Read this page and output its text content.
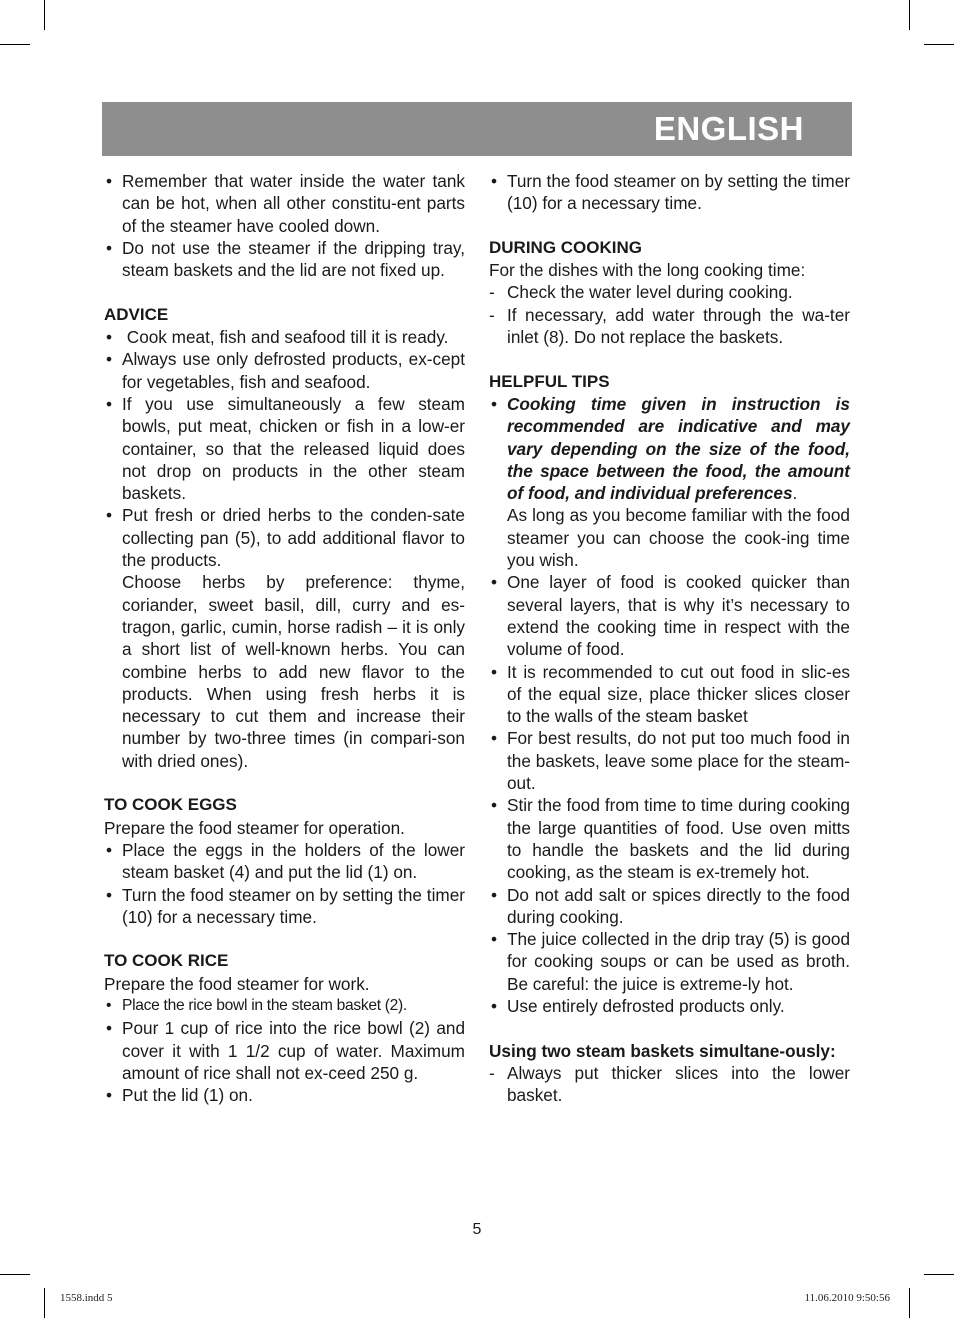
ENGLISH

• Remember that water inside the water tank can be hot, when all other constitu-ent parts of the steamer have cooled down.

• Do not use the steamer if the dripping tray, steam baskets and the lid are not fixed up.

ADVICE

• Cook meat, fish and seafood till it is ready.

• Always use only defrosted products, ex-cept for vegetables, fish and seafood.

• If you use simultaneously a few steam bowls, put meat, chicken or fish in a low-er container, so that the released liquid does not drop on products in the other steam baskets.

• Put fresh or dried herbs to the conden-sate collecting pan (5), to add additional flavor to the products.

Choose herbs by preference: thyme, coriander, sweet basil, dill, curry and es-tragon, garlic, cumin, horse radish – it is only a short list of well-known herbs. You can combine herbs to add new flavor to the products. When using fresh herbs it is necessary to cut them and increase their number by two-three times (in compari-son with dried ones).

TO COOK EGGS

Prepare the food steamer for operation.

• Place the eggs in the holders of the lower steam basket (4) and put the lid (1) on.

• Turn the food steamer on by setting the timer (10) for a necessary time.

TO COOK RICE

Prepare the food steamer for work.

• Place the rice bowl in the steam basket (2).

• Pour 1 cup of rice into the rice bowl (2) and cover it with 1 1/2 cup of water. Maximum amount of rice shall not ex-ceed 250 g.

• Put the lid (1) on.

• Turn the food steamer on by setting the timer (10) for a necessary time.

DURING COOKING

For the dishes with the long cooking time:

- Check the water level during cooking.

- If necessary, add water through the wa-ter inlet (8). Do not replace the baskets.

HELPFUL TIPS

• Cooking time given in instruction is recommended are indicative and may vary depending on the size of the food, the space between the food, the amount of food, and individual preferences.

As long as you become familiar with the food steamer you can choose the cook-ing time you wish.

• One layer of food is cooked quicker than several layers, that is why it’s necessary to extend the cooking time in respect with the volume of food.

• It is recommended to cut out food in slic-es of the equal size, place thicker slices closer to the walls of the steam basket

• For best results, do not put too much food in the baskets, leave some place for the steam-out.

• Stir the food from time to time during cooking the large quantities of food. Use oven mitts to handle the baskets and the lid during cooking, as the steam is ex-tremely hot.

• Do not add salt or spices directly to the food during cooking.

• The juice collected in the drip tray (5) is good for cooking soups or can be used as broth. Be careful: the juice is extreme-ly hot.

• Use entirely defrosted products only.

Using two steam baskets simultane-ously:

- Always put thicker slices into the lower basket.

5
1558.indd 5	11.06.2010 9:50:56
